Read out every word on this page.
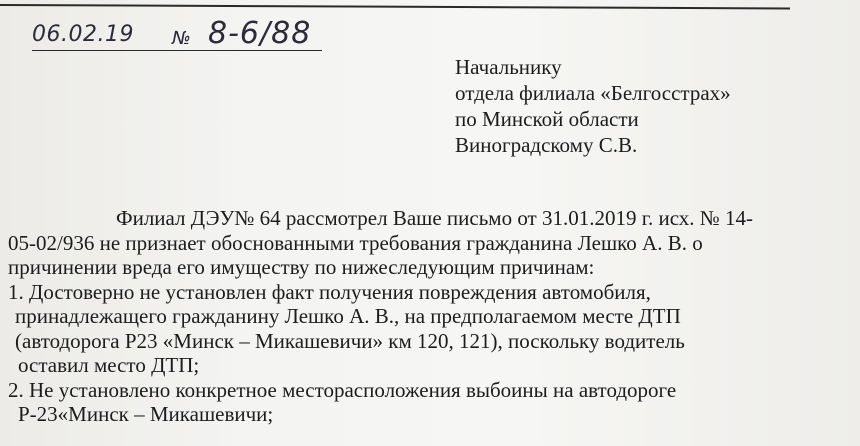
06.02.19 № 8-6/88
Начальнику
отдела филиала «Белгосстрах»
по Минской области
Виноградскому С.В.
Филиал ДЭУ№ 64 рассмотрел Ваше письмо от 31.01.2019 г. исх. № 14-
05-02/936 не признает обоснованными требования гражданина Лешко А. В. о
причинении вреда его имуществу по нижеследующим причинам:
1. Достоверно не установлен факт получения повреждения автомобиля,
принадлежащего гражданину Лешко А. В., на предполагаемом месте ДТП
(автодорога Р23 «Минск – Микашевичи» км 120, 121), поскольку водитель
оставил место ДТП;
2. Не установлено конкретное месторасположения выбоины на автодороге
Р-23«Минск – Микашевичи;
